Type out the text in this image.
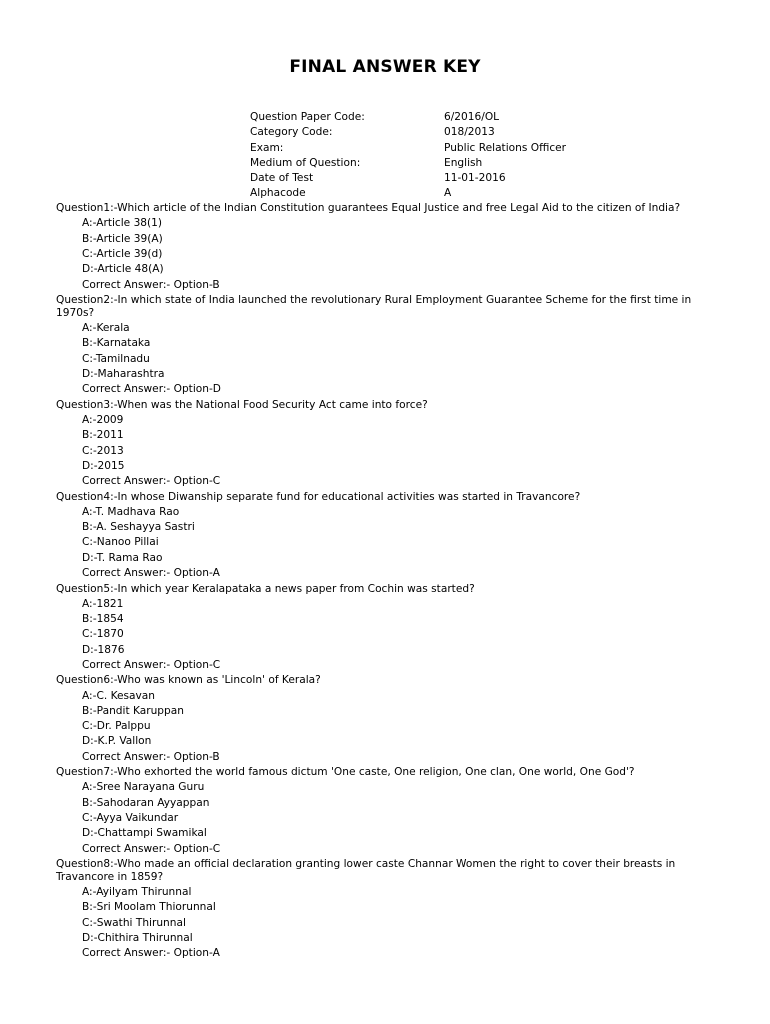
FINAL ANSWER KEY
Question Paper Code:	6/2016/OL
Category Code:	018/2013
Exam:	Public Relations Officer
Medium of Question:	English
Date of Test	11-01-2016
Alphacode	A
Question1:-Which article of the Indian Constitution guarantees Equal Justice and free Legal Aid to the citizen of India?
A:-Article 38(1)
B:-Article 39(A)
C:-Article 39(d)
D:-Article 48(A)
Correct Answer:- Option-B
Question2:-In which state of India launched the revolutionary Rural Employment Guarantee Scheme for the first time in 1970s?
A:-Kerala
B:-Karnataka
C:-Tamilnadu
D:-Maharashtra
Correct Answer:- Option-D
Question3:-When was the National Food Security Act came into force?
A:-2009
B:-2011
C:-2013
D:-2015
Correct Answer:- Option-C
Question4:-In whose Diwanship separate fund for educational activities was started in Travancore?
A:-T. Madhava Rao
B:-A. Seshayya Sastri
C:-Nanoo Pillai
D:-T. Rama Rao
Correct Answer:- Option-A
Question5:-In which year Keralapataka a news paper from Cochin was started?
A:-1821
B:-1854
C:-1870
D:-1876
Correct Answer:- Option-C
Question6:-Who was known as 'Lincoln' of Kerala?
A:-C. Kesavan
B:-Pandit Karuppan
C:-Dr. Palppu
D:-K.P. Vallon
Correct Answer:- Option-B
Question7:-Who exhorted the world famous dictum 'One caste, One religion, One clan, One world, One God'?
A:-Sree Narayana Guru
B:-Sahodaran Ayyappan
C:-Ayya Vaikundar
D:-Chattampi Swamikal
Correct Answer:- Option-C
Question8:-Who made an official declaration granting lower caste Channar Women the right to cover their breasts in Travancore in 1859?
A:-Ayilyam Thirunnal
B:-Sri Moolam Thiorunnal
C:-Swathi Thirunnal
D:-Chithira Thirunnal
Correct Answer:- Option-A
